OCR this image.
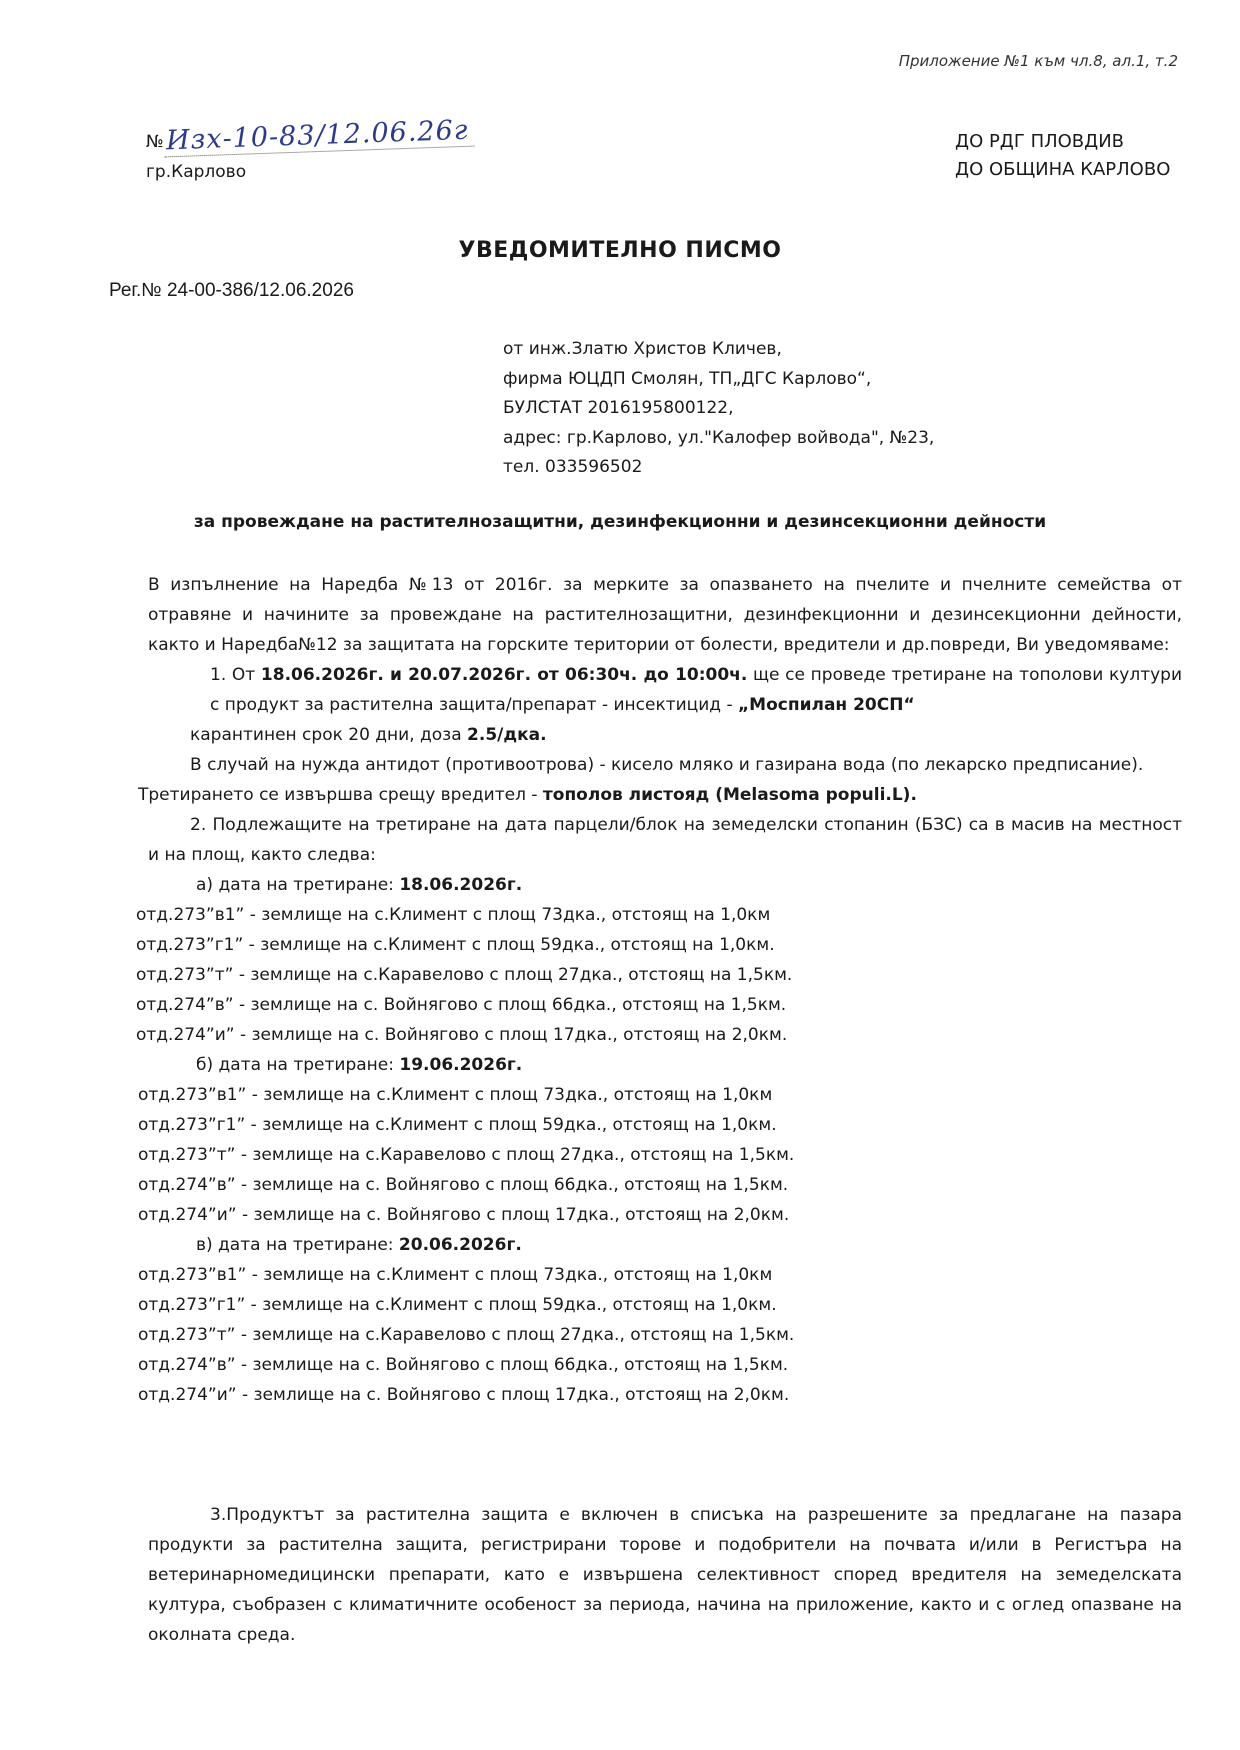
Приложение №1 към чл.8, ал.1, т.2
№Изх-10-83/12.06.26г
гр.Карлово
ДО РДГ ПЛОВДИВ
ДО ОБЩИНА КАРЛОВО
УВЕДОМИТЕЛНО ПИСМО
Рег.№ 24-00-386/12.06.2026
от инж.Златю Христов Кличев,
фирма ЮЦДП Смолян, ТП„ДГС Карлово“,
БУЛСТАТ 2016195800122,
адрес: гр.Карлово, ул."Калофер войвода", №23,
тел. 033596502
за провеждане на растителнозащитни, дезинфекционни и дезинсекционни дейности
В изпълнение на Наредба №13 от 2016г. за мерките за опазването на пчелите и пчелните семейства от отравяне и начините за провеждане на растителнозащитни, дезинфекционни и дезинсекционни дейности, както и Наредба№12 за защитата на горските територии от болести, вредители и др.повреди, Ви уведомяваме:
1. От 18.06.2026г. и 20.07.2026г. от 06:30ч. до 10:00ч. ще се проведе третиране на тополови култури с продукт за растителна защита/препарат - инсектицид - „Моспилан 20СП“
карантинен срок 20 дни, доза 2.5/дка.
В случай на нужда антидот (противоотрова) - кисело мляко и газирана вода (по лекарско предписание).
Третирането се извършва срещу вредител - тополов листояд (Melasoma populi.L).
2. Подлежащите на третиране на дата парцели/блок на земеделски стопанин (БЗС) са в масив на местност и на площ, както следва:
а) дата на третиране: 18.06.2026г.
отд.273”в1” - землище на с.Климент с площ 73дка., отстоящ на 1,0км
отд.273”г1” - землище на с.Климент с площ 59дка., отстоящ на 1,0км.
отд.273”т” - землище на с.Каравелово с площ 27дка., отстоящ на 1,5км.
отд.274”в” - землище на с. Войнягово с площ 66дка., отстоящ на 1,5км.
отд.274”и” - землище на с. Войнягово с площ 17дка., отстоящ на 2,0км.
б) дата на третиране: 19.06.2026г.
отд.273”в1” - землище на с.Климент с площ 73дка., отстоящ на 1,0км
отд.273”г1” - землище на с.Климент с площ 59дка., отстоящ на 1,0км.
отд.273”т” - землище на с.Каравелово с площ 27дка., отстоящ на 1,5км.
отд.274”в” - землище на с. Войнягово с площ 66дка., отстоящ на 1,5км.
отд.274”и” - землище на с. Войнягово с площ 17дка., отстоящ на 2,0км.
в) дата на третиране: 20.06.2026г.
отд.273”в1” - землище на с.Климент с площ 73дка., отстоящ на 1,0км
отд.273”г1” - землище на с.Климент с площ 59дка., отстоящ на 1,0км.
отд.273”т” - землище на с.Каравелово с площ 27дка., отстоящ на 1,5км.
отд.274”в” - землище на с. Войнягово с площ 66дка., отстоящ на 1,5км.
отд.274”и” - землище на с. Войнягово с площ 17дка., отстоящ на 2,0км.
3.Продуктът за растителна защита е включен в списъка на разрешените за предлагане на пазара продукти за растителна защита, регистрирани торове и подобрители на почвата и/или в Регистъра на ветеринарномедицински препарати, като е извършена селективност според вредителя на земеделската култура, съобразен с климатичните особеност за периода, начина на приложение, както и с оглед опазване на околната среда.
